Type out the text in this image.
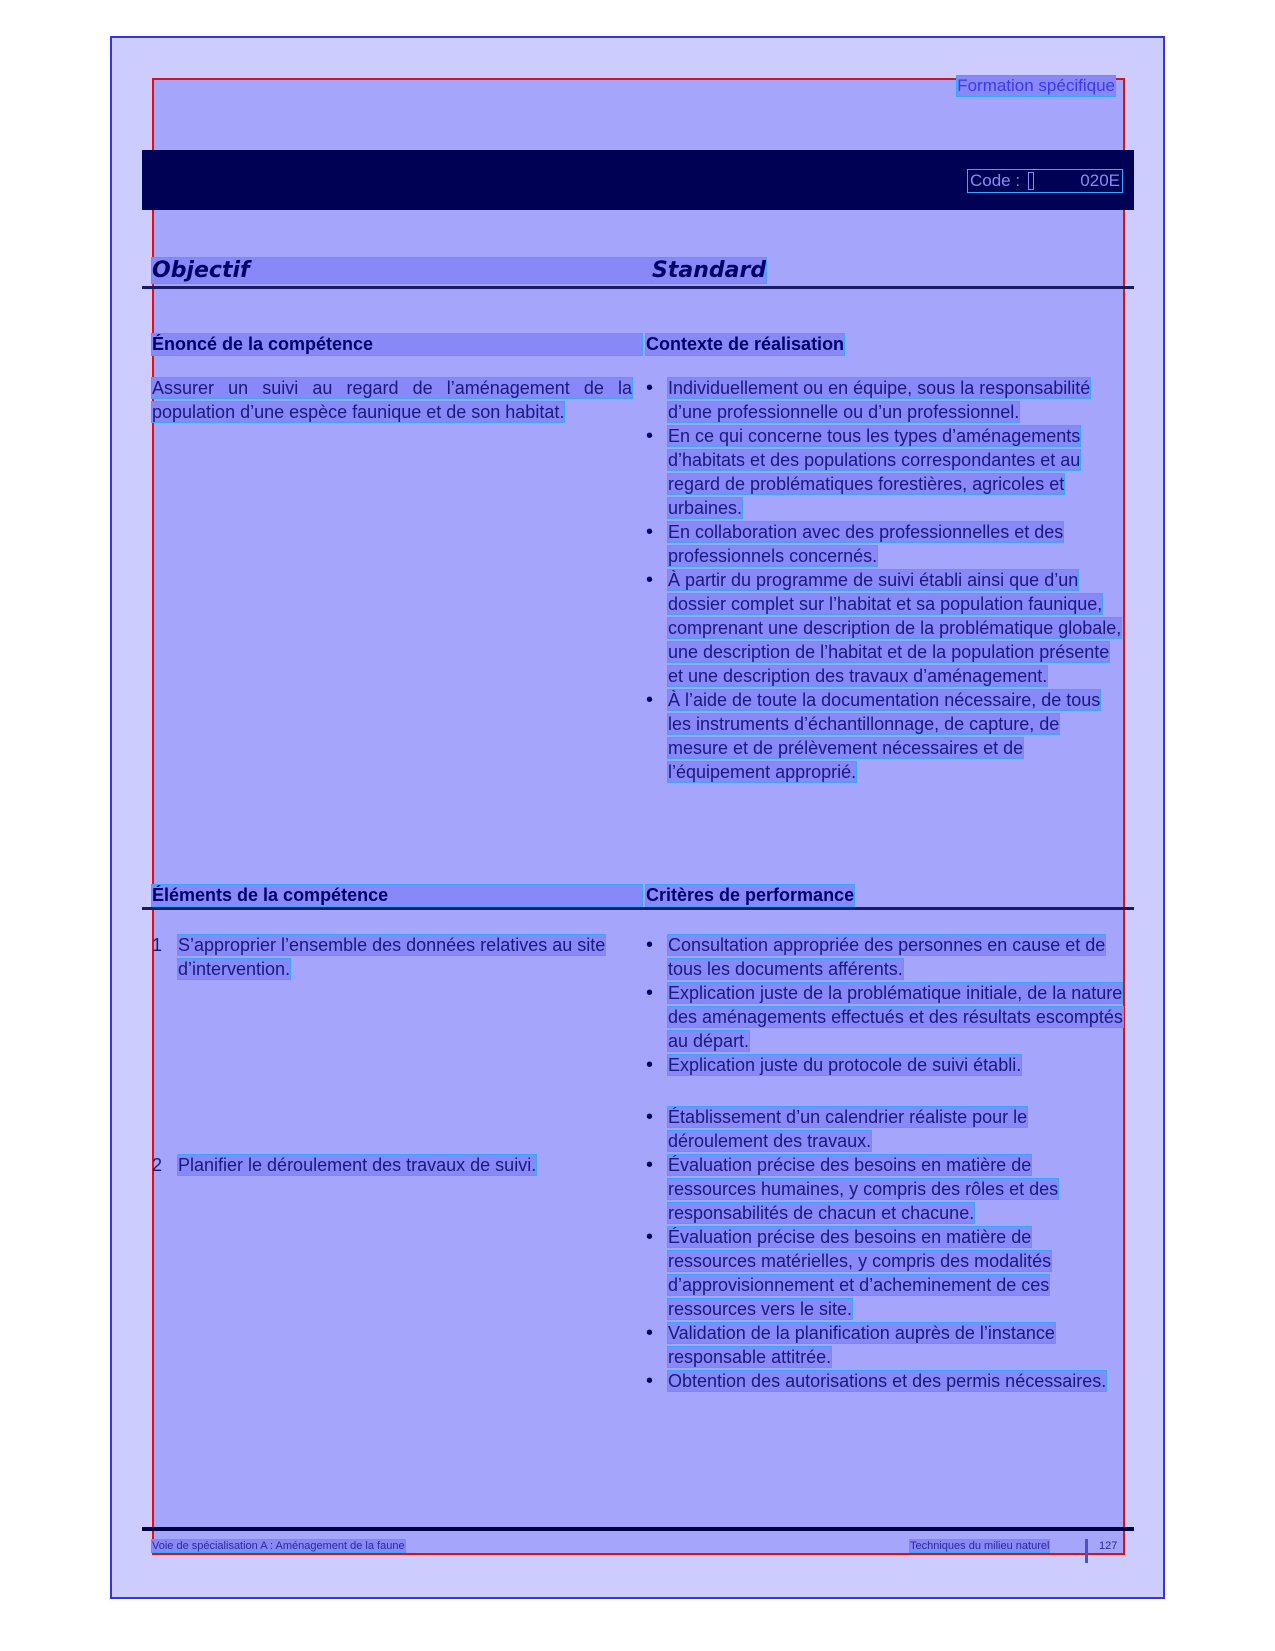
Formation spécifique
Code :	020E
Objectif	Standard
Énoncé de la compétence	Contexte de réalisation
Assurer un suivi au regard de l’aménagement de la population d’une espèce faunique et de son habitat.
• Individuellement ou en équipe, sous la responsabilité d’une professionnelle ou d’un professionnel.
• En ce qui concerne tous les types d’aménagements d’habitats et des populations correspondantes et au regard de problématiques forestières, agricoles et urbaines.
• En collaboration avec des professionnelles et des professionnels concernés.
• À partir du programme de suivi établi ainsi que d’un dossier complet sur l’habitat et sa population faunique, comprenant une description de la problématique globale, une description de l’habitat et de la population présente et une description des travaux d’aménagement.
• À l’aide de toute la documentation nécessaire, de tous les instruments d’échantillonnage, de capture, de mesure et de prélèvement nécessaires et de l’équipement approprié.
Éléments de la compétence	Critères de performance
1 S’approprier l’ensemble des données relatives au site d’intervention.
• Consultation appropriée des personnes en cause et de tous les documents afférents.
• Explication juste de la problématique initiale, de la nature des aménagements effectués et des résultats escomptés au départ.
• Explication juste du protocole de suivi établi.
2 Planifier le déroulement des travaux de suivi.
• Établissement d’un calendrier réaliste pour le déroulement des travaux.
• Évaluation précise des besoins en matière de ressources humaines, y compris des rôles et des responsabilités de chacun et chacune.
• Évaluation précise des besoins en matière de ressources matérielles, y compris des modalités d’approvisionnement et d’acheminement de ces ressources vers le site.
• Validation de la planification auprès de l’instance responsable attitrée.
• Obtention des autorisations et des permis nécessaires.
Voie de spécialisation A : Aménagement de la faune	Techniques du milieu naturel	127
